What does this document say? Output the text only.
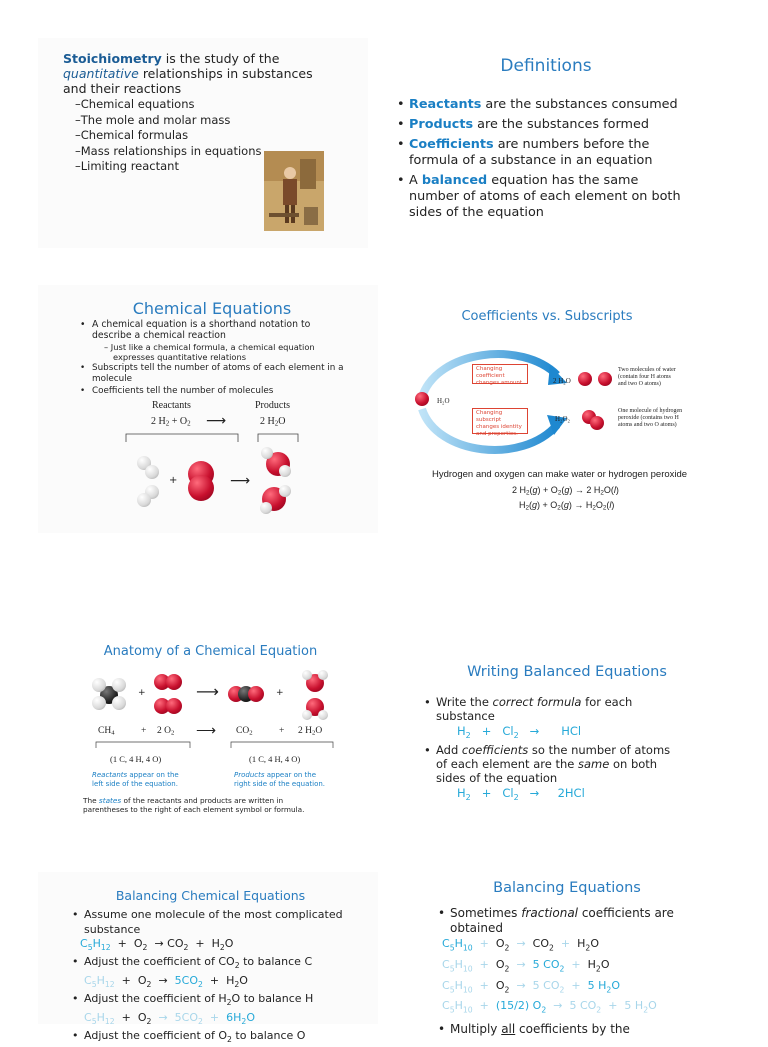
Stoichiometry is the study of the
quantitative relationships in substances
and their reactions
–Chemical equations
–The mole and molar mass
–Chemical formulas
–Mass relationships in equations
–Limiting reactant
Definitions
• Reactants are the substances consumed
• Products are the substances formed
• Coefficients are numbers before the
formula of a substance in an equation
• A balanced equation has the same
number of atoms of each element on both
sides of the equation
Chemical Equations
• A chemical equation is a shorthand notation to
describe a chemical reaction
– Just like a chemical formula, a chemical equation
expresses quantitative relations
• Subscripts tell the number of atoms of each element in a
molecule
• Coefficients tell the number of molecules
Reactants	Products
2 $H_2 + O_2$ ⟶	2 $H_2O$
+	⟶
Coefficients vs. Subscripts
H₂O
Changing coefficient
changes amount.
Changing subscript
changes identity
and properties.
2 H₂O
H₂O₂
Two molecules of water
(contain four H atoms
and two O atoms)
One molecule of hydrogen
peroxide (contains two H
atoms and two O atoms)
Hydrogen and oxygen can make water or hydrogen peroxide
2 $H_2(g) + O_2(g) \to 2$ $H_2O(l)$
$H_2(g) + O_2(g) \to H_2O_2(l)$
Anatomy of a Chemical Equation
+	⟶	+
$CH_4$	+ 2 $O_2$ ⟶ $CO_2$	+ 2 $H_2O$
(1 C, 4 H, 4 O)	(1 C, 4 H, 4 O)
Reactants appear on the
left side of the equation.
Products appear on the
right side of the equation.
The states of the reactants and products are written in
parentheses to the right of each element symbol or formula.
Writing Balanced Equations
• Write the correct formula for each
substance
$H_2 + Cl_2$   →      HCl
• Add coefficients so the number of atoms
of each element are the same on both
sides of the equation
$H_2 + Cl_2$   →     2HCl
Balancing Chemical Equations
• Assume one molecule of the most complicated
substance
$C_5H_{12} + O_2 \to CO_2 + H_2O$
• Adjust the coefficient of $CO_2$ to balance C
$C_5H_{12} + O_2 \to 5CO_2 + H_2O$
• Adjust the coefficient of $H_2O$ to balance H
$C_5H_{12} + O_2 \to 5CO_2 + 6H_2O$
• Adjust the coefficient of $O_2$ to balance O
Balancing Equations
• Sometimes fractional coefficients are
obtained
$C_5H_{10} + O_2 \to CO_2 + H_2O$
$C_5H_{10} + O_2 \to 5$ $CO_2 + H_2O$
$C_5H_{10} + O_2 \to 5$ $CO_2 + 5$ $H_2O$
$C_5H_{10} + (15/2) O_2 \to 5$ $CO_2 + 5$ $H_2O$
• Multiply all coefficients by the
